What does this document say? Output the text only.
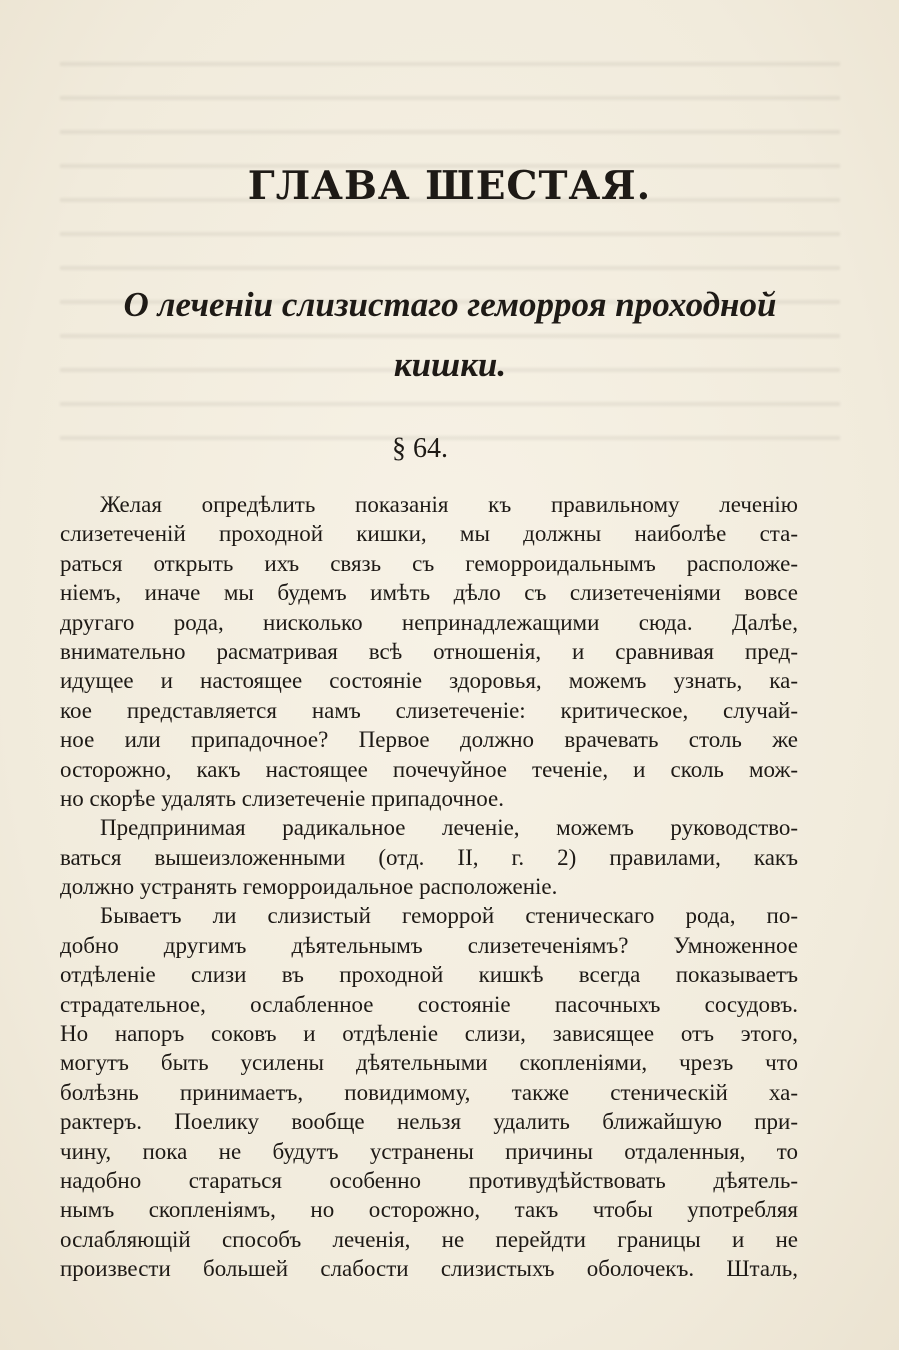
ГЛАВА ШЕСТАЯ.
О леченіи слизистаго геморроя проходной
кишки.
§ 64.
Желая опредѣлить показанія къ правильному леченію
слизетеченій проходной кишки, мы должны наиболѣе ста-
раться открыть ихъ связь съ геморроидальнымъ расположе-
ніемъ, иначе мы будемъ имѣть дѣло съ слизетеченіями вовсе
другаго рода, нисколько непринадлежащими сюда. Далѣе,
внимательно расматривая всѣ отношенія, и сравнивая пред-
идущее и настоящее состояніе здоровья, можемъ узнать, ка-
кое представляется намъ слизетеченіе: критическое, случай-
ное или припадочное? Первое должно врачевать столь же
осторожно, какъ настоящее почечуйное теченіе, и сколь мож-
но скорѣе удалять слизетеченіе припадочное.
Предпринимая радикальное леченіе, можемъ руководство-
ваться вышеизложенными (отд. II, г. 2) правилами, какъ
должно устранять геморроидальное расположеніе.
Бываетъ ли слизистый геморрой стеническаго рода, по-
добно другимъ дѣятельнымъ слизетеченіямъ? Умноженное
отдѣленіе слизи въ проходной кишкѣ всегда показываетъ
страдательное, ослабленное состояніе пасочныхъ сосудовъ.
Но напоръ соковъ и отдѣленіе слизи, зависящее отъ этого,
могутъ быть усилены дѣятельными скопленіями, чрезъ что
болѣзнь принимаетъ, повидимому, также стеническій ха-
рактеръ. Поелику вообще нельзя удалить ближайшую при-
чину, пока не будутъ устранены причины отдаленныя, то
надобно стараться особенно противудѣйствовать дѣятель-
нымъ скопленіямъ, но осторожно, такъ чтобы употребляя
ослабляющій способъ леченія, не перейдти границы и не
произвести большей слабости слизистыхъ оболочекъ. Шталь,
